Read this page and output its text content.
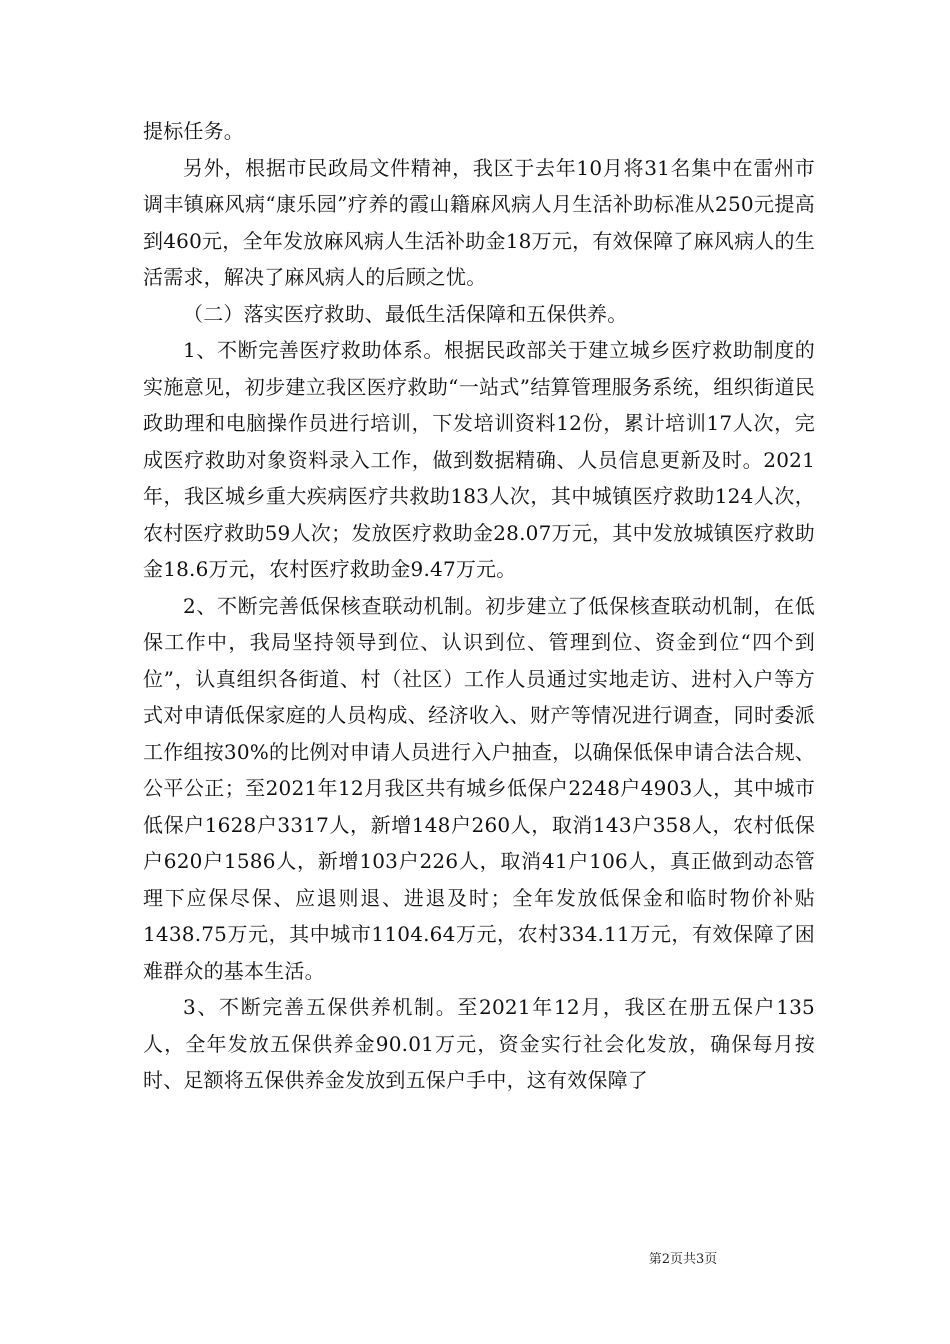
提标任务。

另外，根据市民政局文件精神，我区于去年10月将31名集中在雷州市调丰镇麻风病“康乐园”疗养的霞山籍麻风病人月生活补助标准从250元提高到460元，全年发放麻风病人生活补助金18万元，有效保障了麻风病人的生活需求，解决了麻风病人的后顾之忧。

（二）落实医疗救助、最低生活保障和五保供养。

1、不断完善医疗救助体系。根据民政部关于建立城乡医疗救助制度的实施意见，初步建立我区医疗救助“一站式”结算管理服务系统，组织街道民政助理和电脑操作员进行培训，下发培训资料12份，累计培训17人次，完成医疗救助对象资料录入工作，做到数据精确、人员信息更新及时。2021年，我区城乡重大疾病医疗共救助183人次，其中城镇医疗救助124人次，农村医疗救助59人次；发放医疗救助金28.07万元，其中发放城镇医疗救助金18.6万元，农村医疗救助金9.47万元。

2、不断完善低保核查联动机制。初步建立了低保核查联动机制，在低保工作中，我局坚持领导到位、认识到位、管理到位、资金到位“四个到位”，认真组织各街道、村（社区）工作人员通过实地走访、进村入户等方式对申请低保家庭的人员构成、经济收入、财产等情况进行调查，同时委派工作组按30%的比例对申请人员进行入户抽查，以确保低保申请合法合规、公平公正；至2021年12月我区共有城乡低保户2248户4903人，其中城市低保户1628户3317人，新增148户260人，取消143户358人，农村低保户620户1586人，新增103户226人，取消41户106人，真正做到动态管理下应保尽保、应退则退、进退及时；全年发放低保金和临时物价补贴1438.75万元，其中城市1104.64万元，农村334.11万元，有效保障了困难群众的基本生活。

3、不断完善五保供养机制。至2021年12月，我区在册五保户135人，全年发放五保供养金90.01万元，资金实行社会化发放，确保每月按时、足额将五保供养金发放到五保户手中，这有效保障了

第2页共3页
